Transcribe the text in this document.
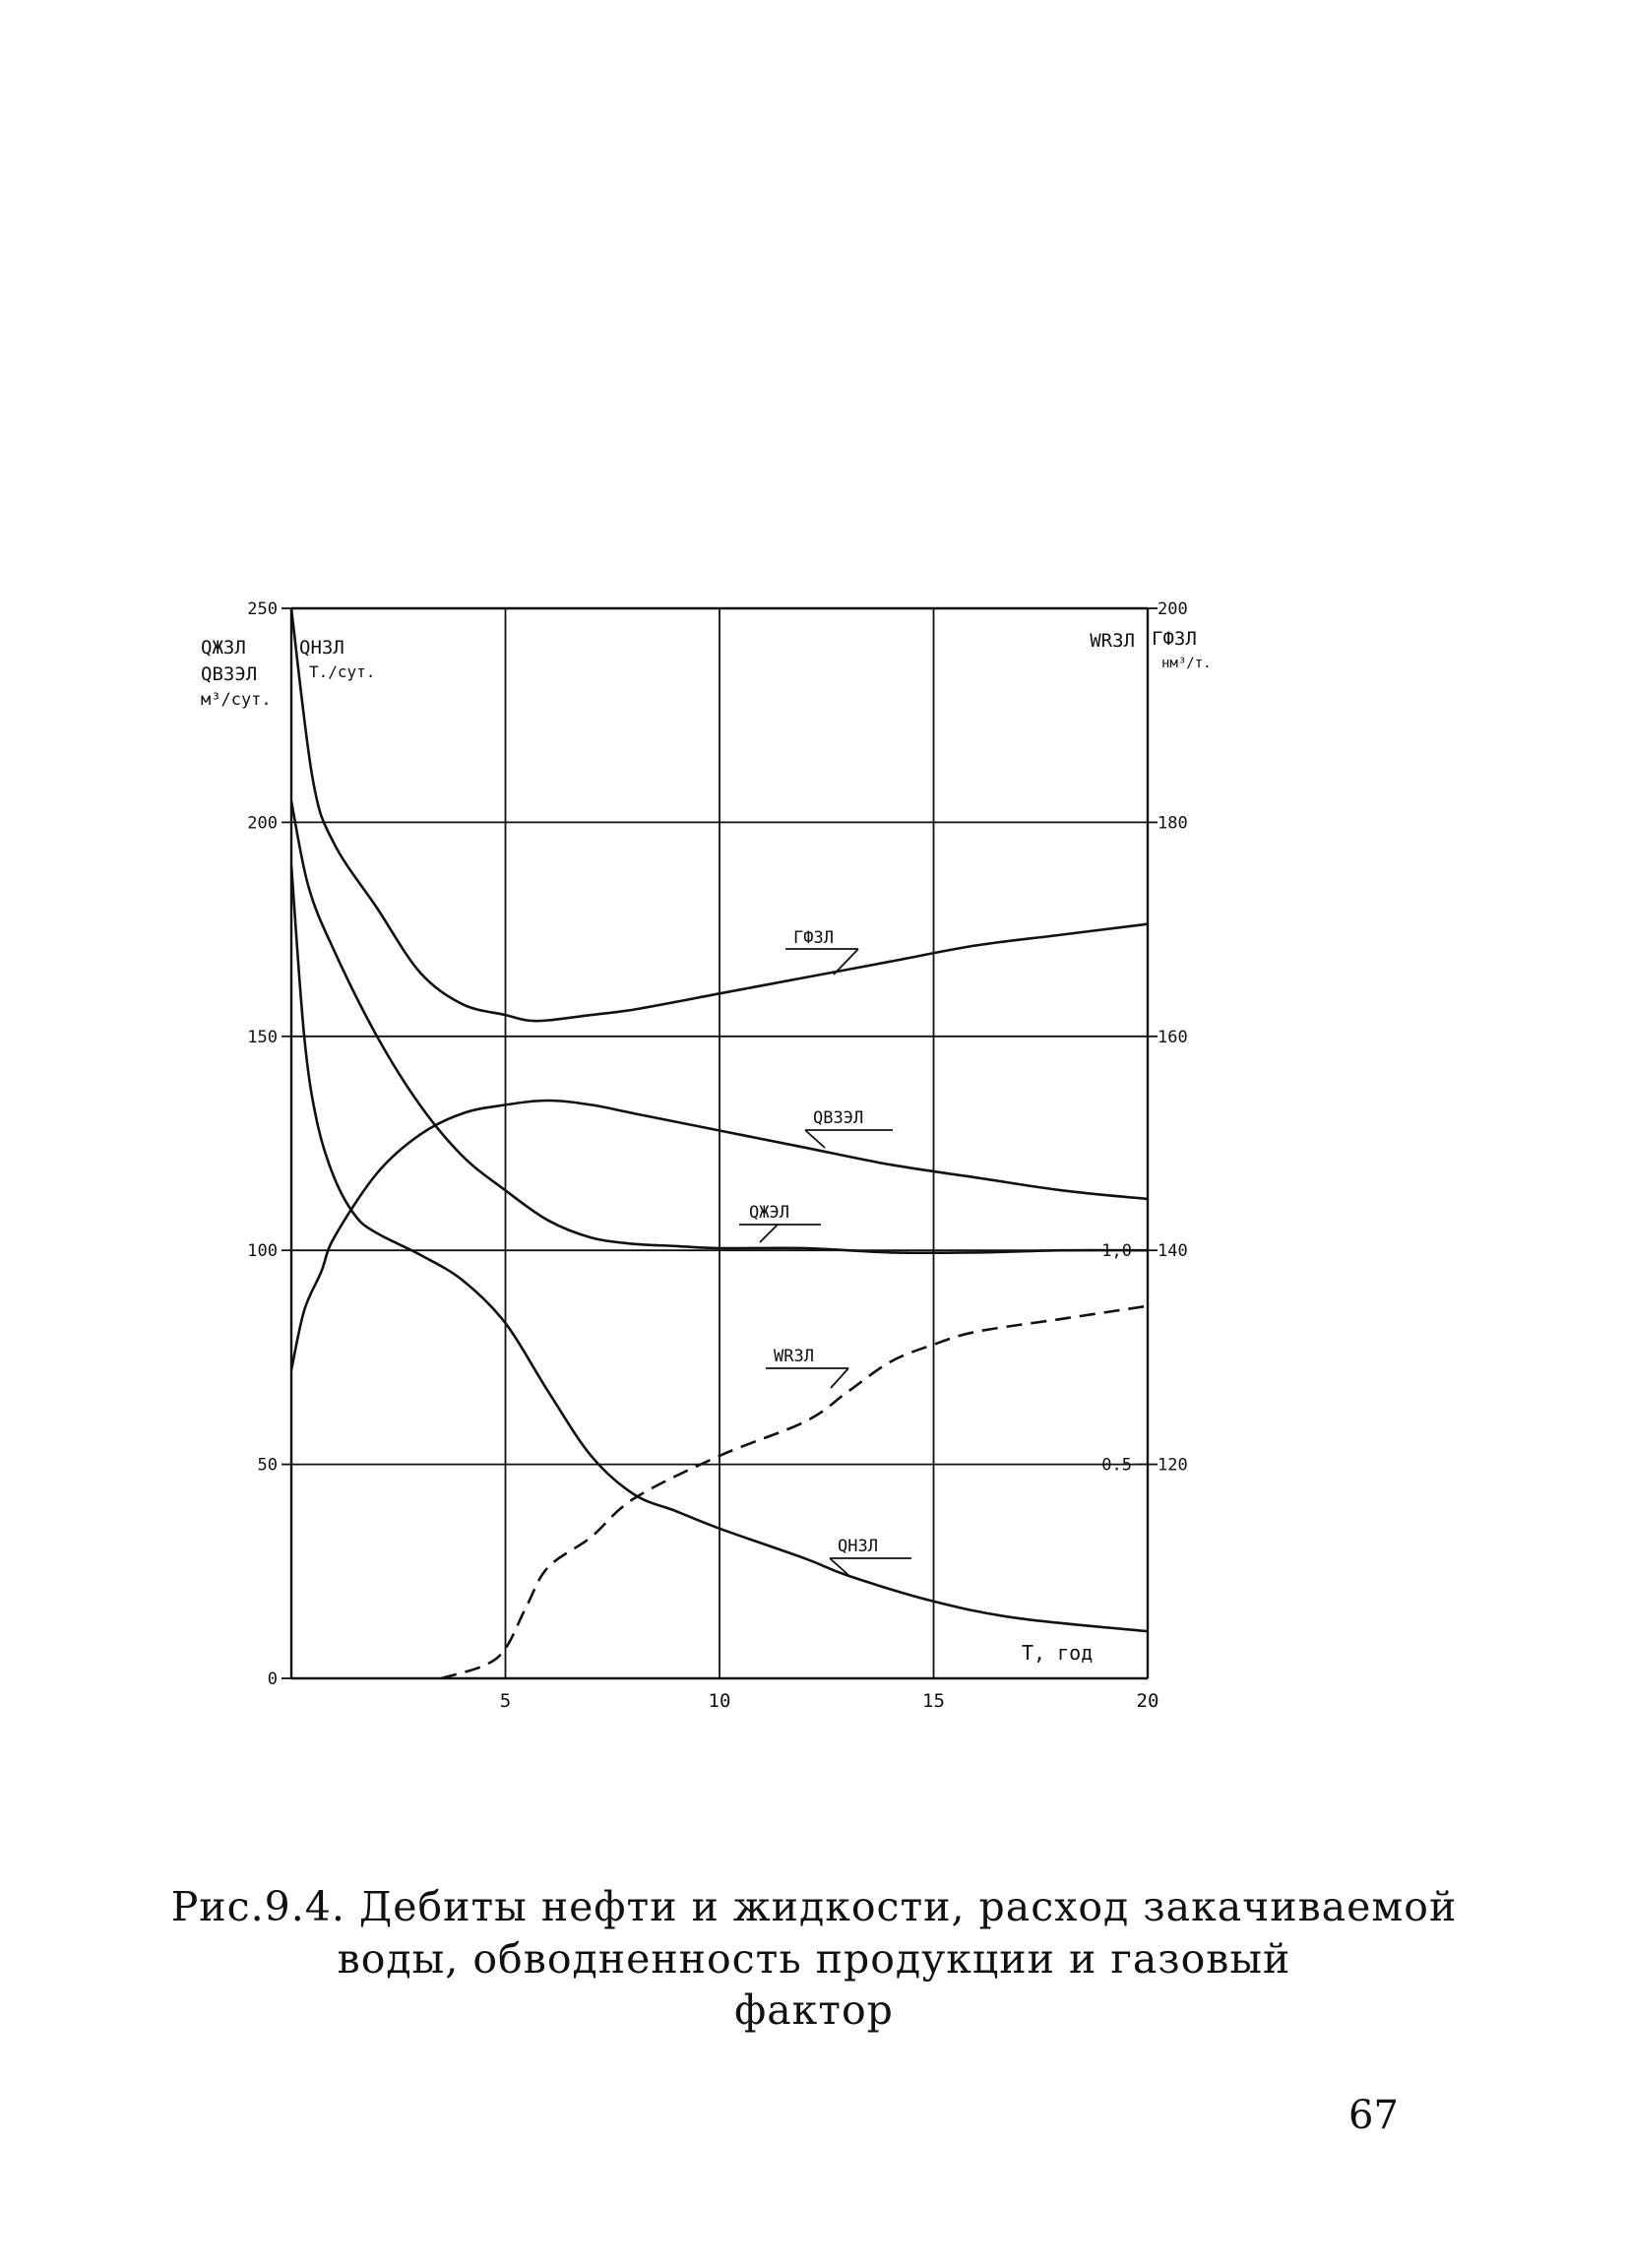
0
50
100
150
200
250
120
140
160
180
200
0.5
1,0
5	10	15	20
QЖЗЛ
QВЗЭЛ
м³/сут.
QНЗЛ
Т./сут.
WRЗЛ ГФЗЛ
нм³/т.
T, год
ГФЗЛ
QВЗЭЛ
QЖЭЛ
WRЗЛ
QНЗЛ
Рис.9.4. Дебиты нефти и жидкости, расход закачиваемой
воды, обводненность продукции и газовый
фактор
67
